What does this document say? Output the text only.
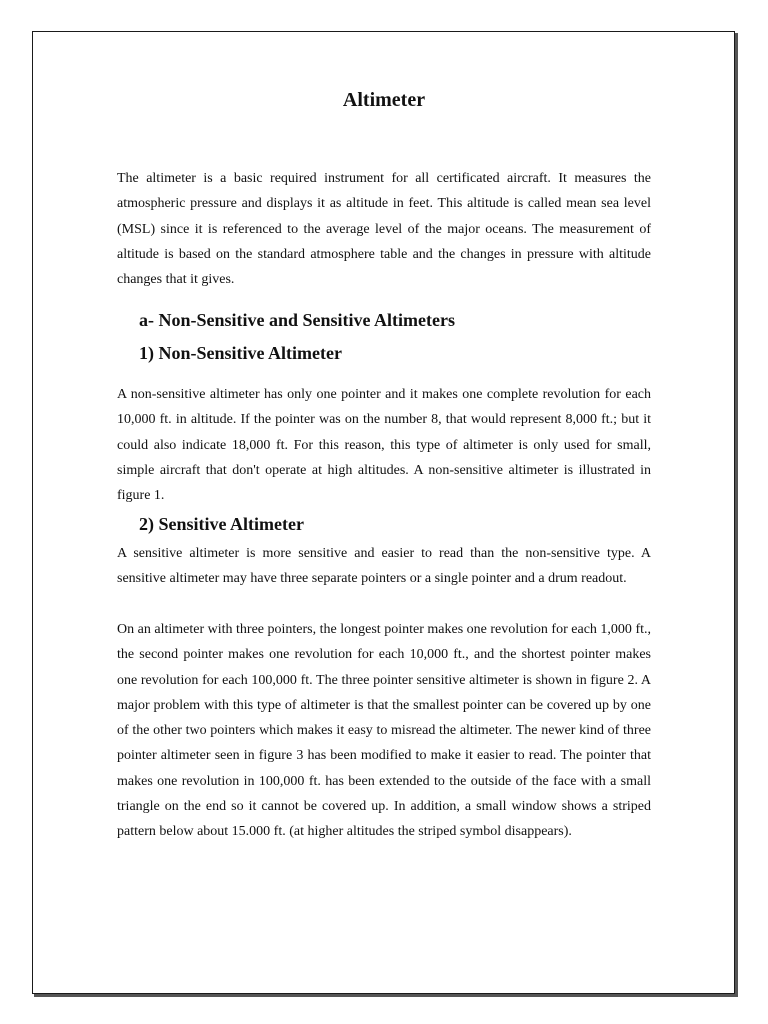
Altimeter

The altimeter is a basic required instrument for all certificated aircraft. It measures the atmospheric pressure and displays it as altitude in feet. This altitude is called mean sea level (MSL) since it is referenced to the average level of the major oceans. The measurement of altitude is based on the standard atmosphere table and the changes in pressure with altitude changes that it gives.

a- Non-Sensitive and Sensitive Altimeters
1) Non-Sensitive Altimeter

A non-sensitive altimeter has only one pointer and it makes one complete revolution for each 10,000 ft. in altitude. If the pointer was on the number 8, that would represent 8,000 ft.; but it could also indicate 18,000 ft. For this reason, this type of altimeter is only used for small, simple aircraft that don't operate at high altitudes. A non-sensitive altimeter is illustrated in figure 1.

2) Sensitive Altimeter

A sensitive altimeter is more sensitive and easier to read than the non-sensitive type. A sensitive altimeter may have three separate pointers or a single pointer and a drum readout.

On an altimeter with three pointers, the longest pointer makes one revolution for each 1,000 ft., the second pointer makes one revolution for each 10,000 ft., and the shortest pointer makes one revolution for each 100,000 ft. The three pointer sensitive altimeter is shown in figure 2. A major problem with this type of altimeter is that the smallest pointer can be covered up by one of the other two pointers which makes it easy to misread the altimeter. The newer kind of three pointer altimeter seen in figure 3 has been modified to make it easier to read. The pointer that makes one revolution in 100,000 ft. has been extended to the outside of the face with a small triangle on the end so it cannot be covered up. In addition, a small window shows a striped pattern below about 15.000 ft. (at higher altitudes the striped symbol disappears).
